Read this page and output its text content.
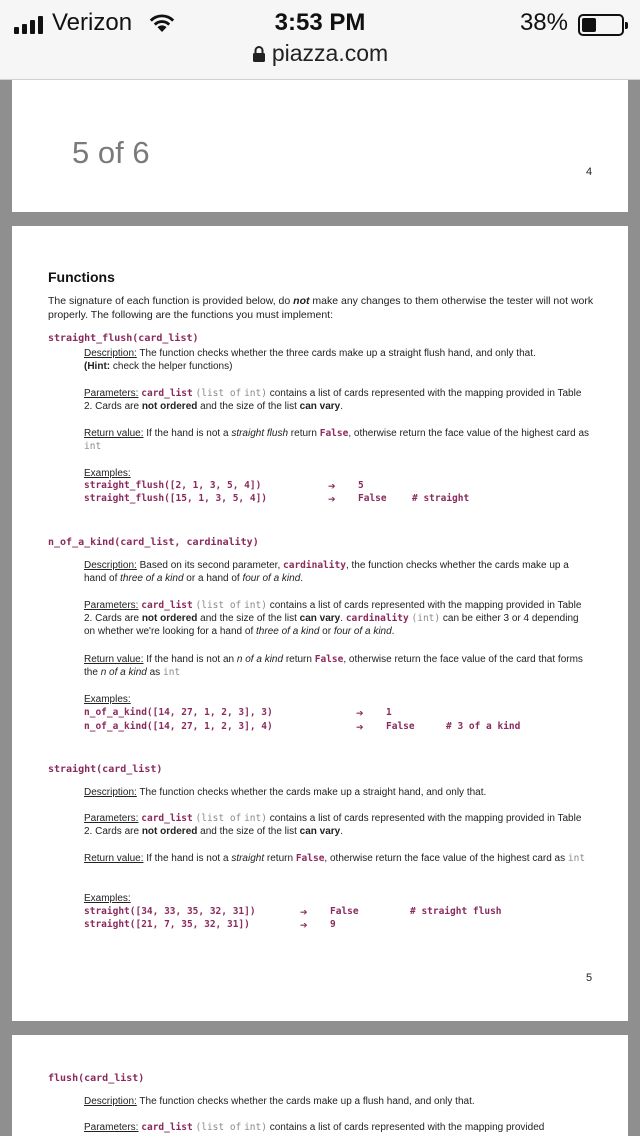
Verizon	3:53 PM	38%
piazza.com
5 of 6
4
Functions
The signature of each function is provided below, do not make any changes to them otherwise the tester will not work properly. The following are the functions you must implement:
straight_flush(card_list)
Description: The function checks whether the three cards make up a straight flush hand, and only that.
(Hint: check the helper functions)
Parameters: card_list (list of int) contains a list of cards represented with the mapping provided in Table 2. Cards are not ordered and the size of the list can vary.
Return value: If the hand is not a straight flush return False, otherwise return the face value of the highest card as int
Examples:
straight_flush([2, 1, 3, 5, 4])	➔ 5
straight_flush([15, 1, 3, 5, 4])	➔ False	# straight
n_of_a_kind(card_list, cardinality)
Description: Based on its second parameter, cardinality, the function checks whether the cards make up a hand of three of a kind or a hand of four of a kind.
Parameters: card_list (list of int) contains a list of cards represented with the mapping provided in Table 2. Cards are not ordered and the size of the list can vary. cardinality (int) can be either 3 or 4 depending on whether we're looking for a hand of three of a kind or four of a kind.
Return value: If the hand is not an n of a kind return False, otherwise return the face value of the card that forms the n of a kind as int
Examples:
n_of_a_kind([14, 27, 1, 2, 3], 3)	➔ 1
n_of_a_kind([14, 27, 1, 2, 3], 4)	➔ False	# 3 of a kind
straight(card_list)
Description: The function checks whether the cards make up a straight hand, and only that.
Parameters: card_list (list of int) contains a list of cards represented with the mapping provided in Table 2. Cards are not ordered and the size of the list can vary.
Return value: If the hand is not a straight return False, otherwise return the face value of the highest card as int
Examples:
straight([34, 33, 35, 32, 31])	➔ False	# straight flush
straight([21, 7, 35, 32, 31])	➔ 9
5
flush(card_list)
Description: The function checks whether the cards make up a flush hand, and only that.
Parameters: card_list (list of int) contains a list of cards represented with the mapping provided
